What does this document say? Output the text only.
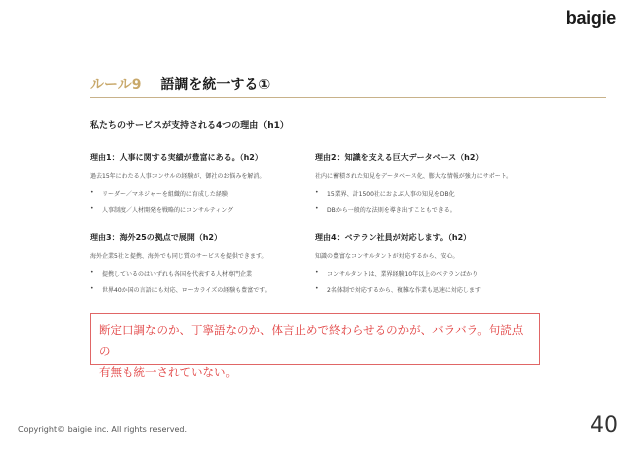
baigie
ルール9 語調を統一する①
私たちのサービスが支持される4つの理由（h1）
理由1：人事に関する実績が豊富にある。（h2）

過去15年にわたる人事コンサルの経験が、御社のお悩みを解消。

• リーダー／マネジャーを組織的に育成した経験
• 人事制度／人材開発を戦略的にコンサルティング
理由2：知識を支える巨大データベース（h2）

社内に蓄積された知見をデータベース化、膨大な情報が強力にサポート。

• 15業界、計1500社におよぶ人事の知見をDB化
• DBから一般的な法則を導き出すこともできる。
理由3：海外25の拠点で展開（h2）

海外企業5社と提携、海外でも同じ質のサービスを提供できます。

• 提携しているのはいずれも各国を代表する人材専門企業
• 世界40か国の言語にも対応、ローカライズの経験も豊富です。
理由4：ベテラン社員が対応します。（h2）

知識の豊富なコンサルタントが対応するから、安心。

• コンサルタントは、業界経験10年以上のベテランばかり
• 2名体制で対応するから、複雑な作業も迅速に対応します
断定口調なのか、丁寧語なのか、体言止めで終わらせるのかが、バラバラ。句読点の
有無も統一されていない。
Copyright© baigie inc. All rights reserved.	40
